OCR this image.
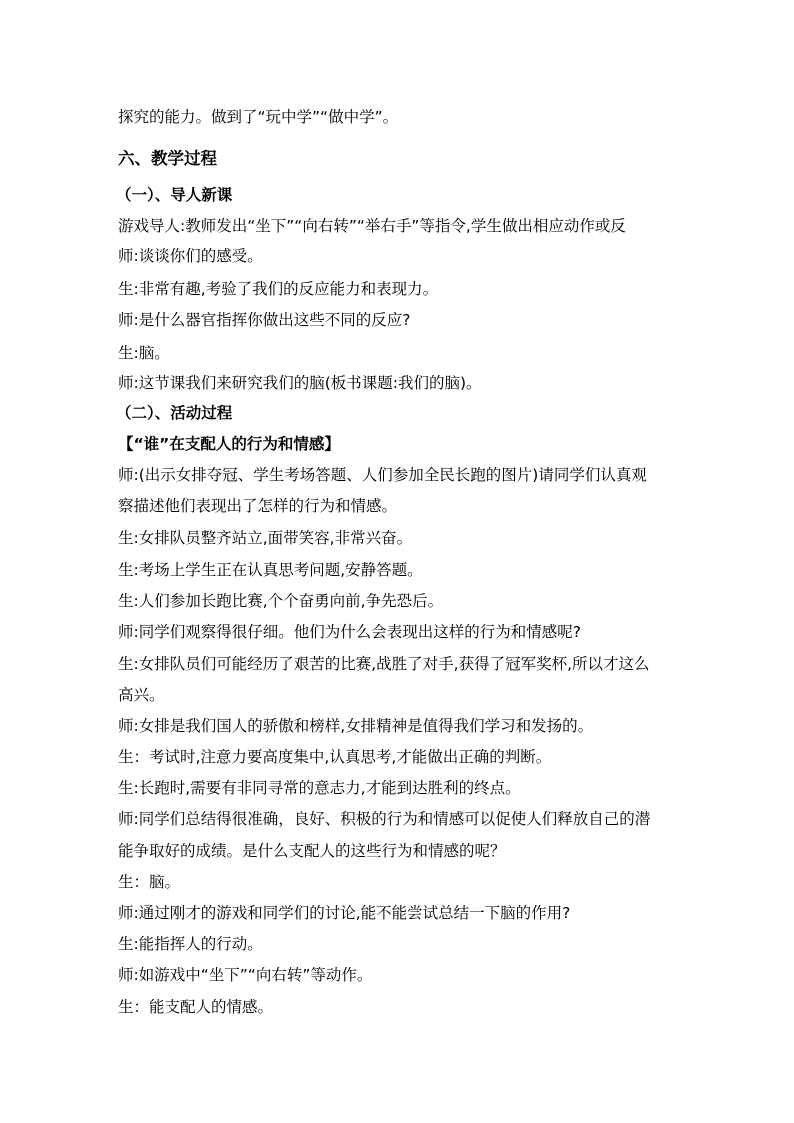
探究的能力。做到了“玩中学”“做中学”。
六、教学过程
（一）、导人新课
游戏导人:教师发出“坐下”“向右转”“举右手”等指令,学生做出相应动作或反
师:谈谈你们的感受。
生:非常有趣,考验了我们的反应能力和表现力。
师:是什么器官指挥你做出这些不同的反应?
生:脑。
师:这节课我们来研究我们的脑(板书课题:我们的脑)。
（二）、活动过程
【“谁”在支配人的行为和情感】
师:(出示女排夺冠、学生考场答题、人们参加全民长跑的图片)请同学们认真观
察描述他们表现出了怎样的行为和情感。
生:女排队员整齐站立,面带笑容,非常兴奋。
生:考场上学生正在认真思考问题,安静答题。
生:人们参加长跑比赛,个个奋勇向前,争先恐后。
师:同学们观察得很仔细。他们为什么会表现出这样的行为和情感呢?
生:女排队员们可能经历了艰苦的比赛,战胜了对手,获得了冠军奖杯,所以才这么
高兴。
师:女排是我们国人的骄傲和榜样,女排精神是值得我们学习和发扬的。
生：考试时,注意力要高度集中,认真思考,才能做出正确的判断。
生:长跑时,需要有非同寻常的意志力,才能到达胜利的终点。
师:同学们总结得很准确，良好、积极的行为和情感可以促使人们释放自己的潜
能争取好的成绩。是什么支配人的这些行为和情感的呢？
生：脑。
师:通过刚才的游戏和同学们的讨论,能不能尝试总结一下脑的作用?
生:能指挥人的行动。
师:如游戏中“坐下”“向右转”等动作。
生：能支配人的情感。
